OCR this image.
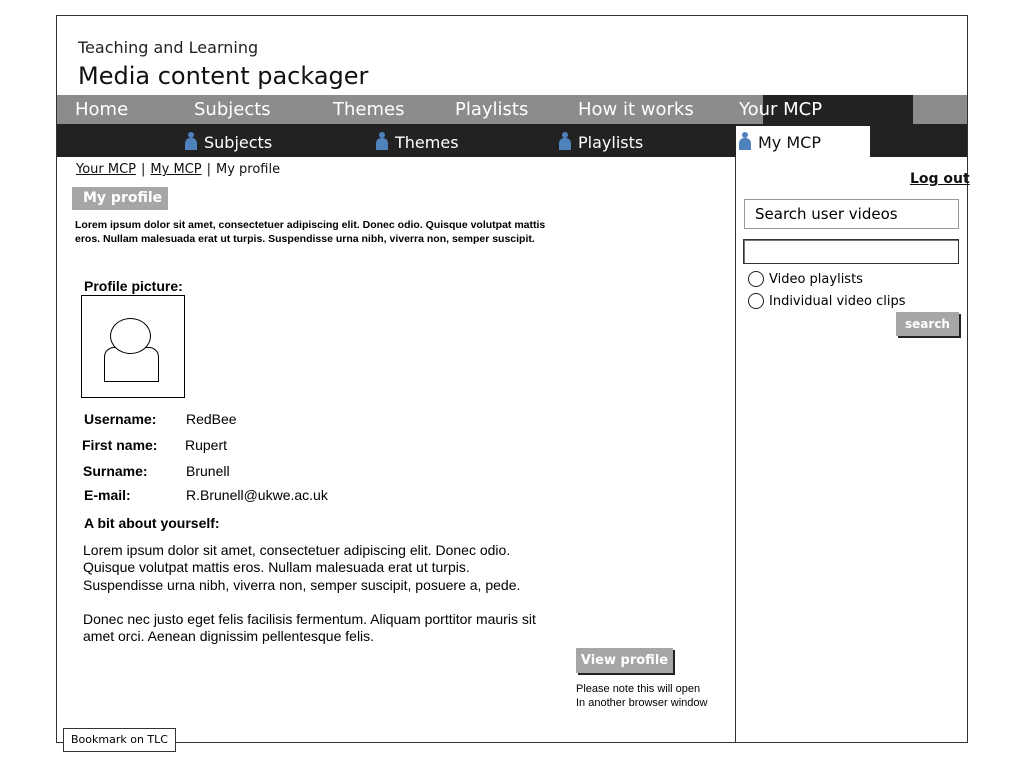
Teaching and Learning
Media content packager
Home	Subjects	Themes	Playlists	How it works	Your MCP
Subjects	Themes	Playlists	My MCP
Your MCP | My MCP | My profile
My profile
Lorem ipsum dolor sit amet, consectetuer adipiscing elit. Donec odio. Quisque volutpat mattis eros. Nullam malesuada erat ut turpis. Suspendisse urna nibh, viverra non, semper suscipit.
Profile picture:
Username: RedBee
First name: Rupert
Surname:	Brunell
E-mail:	R.Brunell@ukwe.ac.uk
A bit about yourself:
Lorem ipsum dolor sit amet, consectetuer adipiscing elit. Donec odio. Quisque volutpat mattis eros. Nullam malesuada erat ut turpis. Suspendisse urna nibh, viverra non, semper suscipit, posuere a, pede.
Donec nec justo eget felis facilisis fermentum. Aliquam porttitor mauris sit amet orci. Aenean dignissim pellentesque felis.
View profile
Please note this will open
In another browser window
Log out
Search user videos
Video playlists
Individual video clips
search
Bookmark on TLC
